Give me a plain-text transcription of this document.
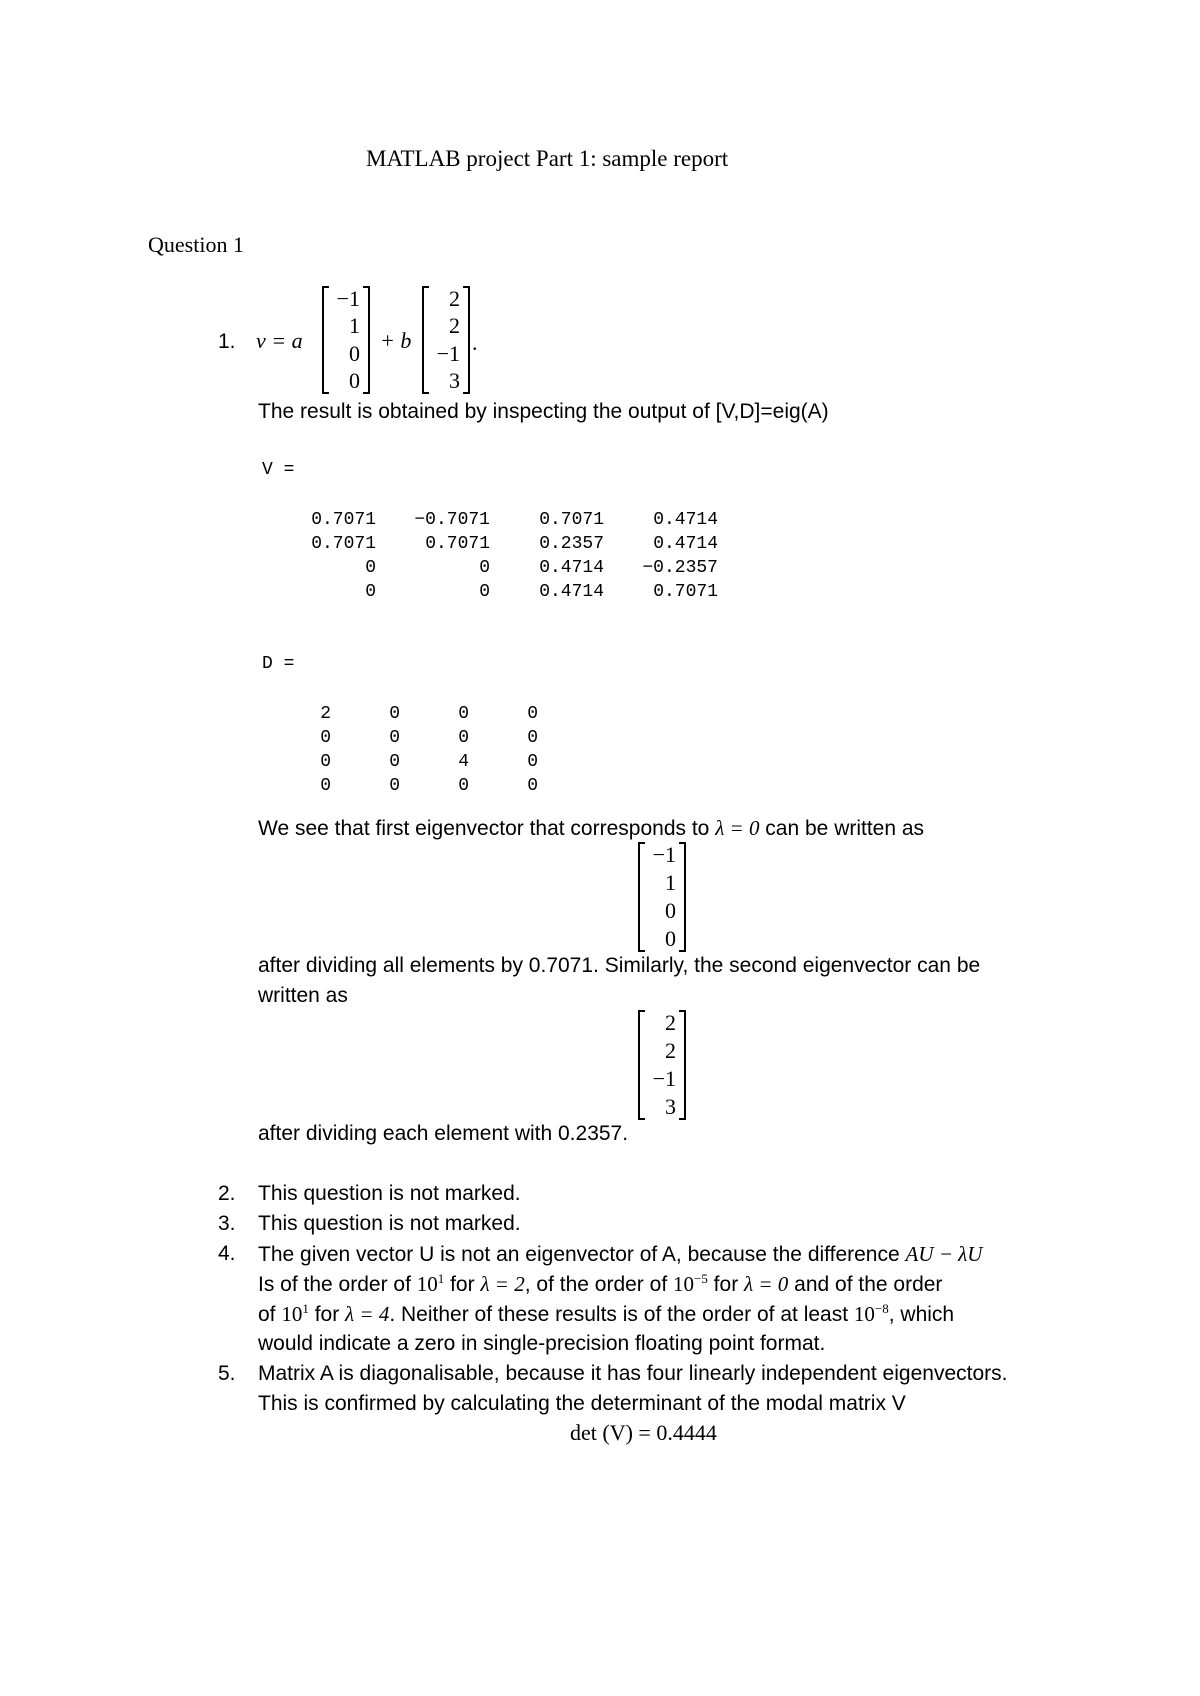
MATLAB project Part 1: sample report
Question 1
1. v = a
−1
1
0
0
+ b
2
2
−1
3
.
The result is obtained by inspecting the output of [V,D]=eig(A)
V =
0.7071	−0.7071	0.7071	0.4714
0.7071	0.7071	0.2357	0.4714
0	0	0.4714	−0.2357
0	0	0.4714	0.7071
D =
2	0	0	0
0	0	0	0
0	0	4	0
0	0	0	0
We see that first eigenvector that corresponds to λ = 0 can be written as
−1
1
0
0
after dividing all elements by 0.7071. Similarly, the second eigenvector can be
written as
2
2
−1
3
after dividing each element with 0.2357.
2. This question is not marked.
3. This question is not marked.
4. The given vector U is not an eigenvector of A, because the difference AU − λU
Is of the order of $10^1$ for λ = 2, of the order of $10^{-5}$ for λ = 0 and of the order
of $10^1$ for λ = 4. Neither of these results is of the order of at least $10^{-8}$, which
would indicate a zero in single-precision floating point format.
5. Matrix A is diagonalisable, because it has four linearly independent eigenvectors.
This is confirmed by calculating the determinant of the modal matrix V
det (V) = 0.4444
